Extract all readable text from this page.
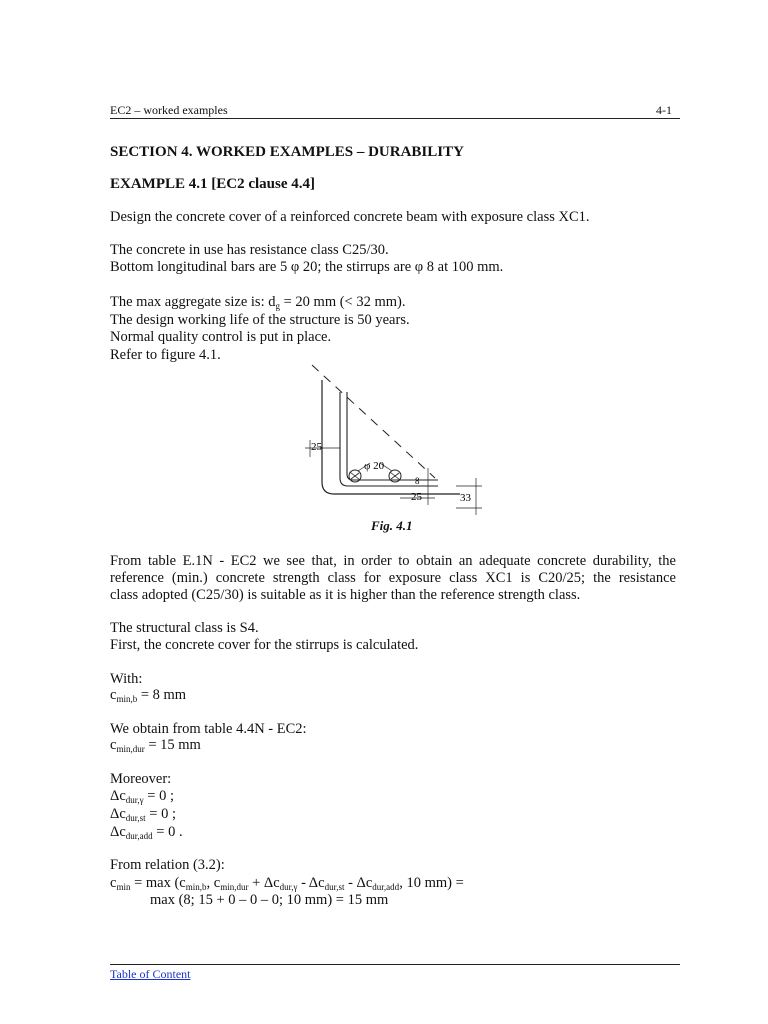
EC2 – worked examples	4-1
SECTION 4. WORKED EXAMPLES – DURABILITY
EXAMPLE 4.1 [EC2 clause 4.4]
Design the concrete cover of a reinforced concrete beam with exposure class XC1.
The concrete in use has resistance class C25/30.
Bottom longitudinal bars are 5 φ 20; the stirrups are φ 8 at 100 mm.
The max aggregate size is: $d_g = 20$ mm (< 32 mm).
The design working life of the structure is 50 years.
Normal quality control is put in place.
Refer to figure 4.1.
25
φ 20
8
25	33
Fig. 4.1
From table E.1N - EC2 we see that, in order to obtain an adequate concrete durability, the
reference (min.) concrete strength class for exposure class XC1 is C20/25; the resistance
class adopted (C25/30) is suitable as it is higher than the reference strength class.
The structural class is S4.
First, the concrete cover for the stirrups is calculated.
With:
$c_{min,b} = 8$ mm
We obtain from table 4.4N - EC2:
$c_{min,dur} = 15$ mm
Moreover:
$\Delta c_{dur,\gamma} = 0$ ;
$\Delta c_{dur,st} = 0$ ;
$\Delta c_{dur,add} = 0$ .
From relation (3.2):
$c_{min} = \max (c_{min,b}$, $c_{min,dur} + \Delta c_{dur,\gamma} - \Delta c_{dur,st} - \Delta c_{dur,add}$, 10 mm) =
max (8; 15 + 0 – 0 – 0; 10 mm) = 15 mm
Table of Content
